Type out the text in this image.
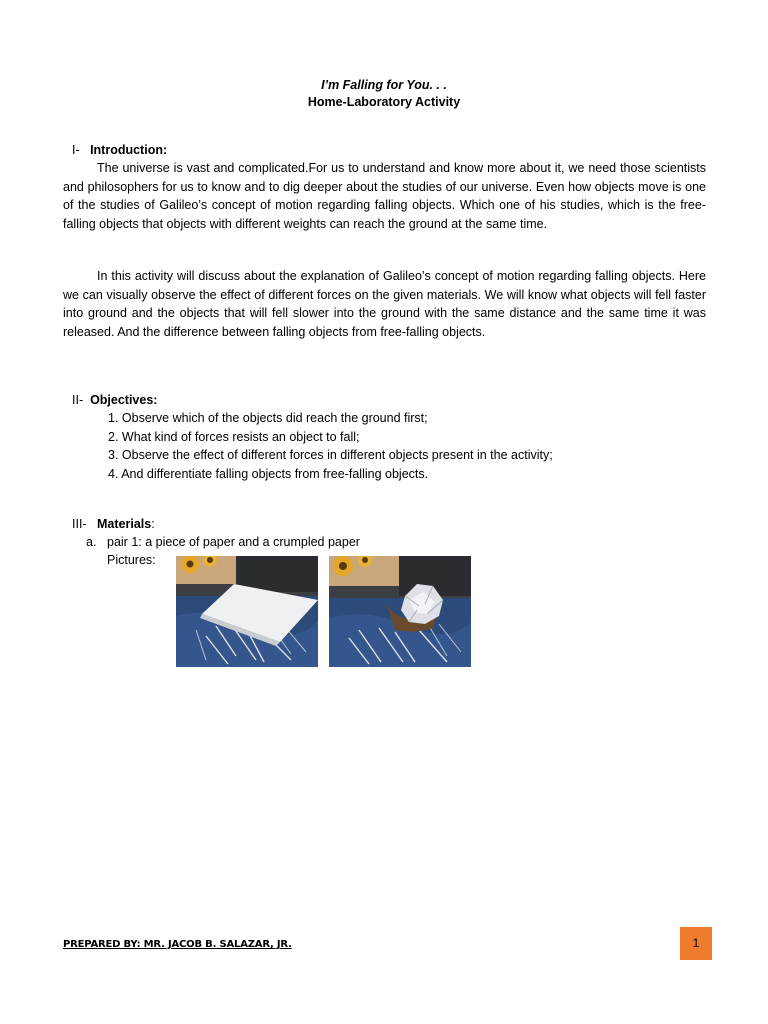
I’m Falling for You. . .
Home-Laboratory Activity
I- Introduction:

The universe is vast and complicated.For us to understand and know more about it, we need those scientists and philosophers for us to know and to dig deeper about the studies of our universe. Even how objects move is one of the studies of Galileo’s concept of motion regarding falling objects. Which one of his studies, which is the free-falling objects that objects with different weights can reach the ground at the same time.

In this activity will discuss about the explanation of Galileo’s concept of motion regarding falling objects. Here we can visually observe the effect of different forces on the given materials. We will know what objects will fell faster into ground and the objects that will fell slower into the ground with the same distance and the same time it was released. And the difference between falling objects from free-falling objects.

II- Objectives:
1. Observe which of the objects did reach the ground first;
2. What kind of forces resists an object to fall;
3. Observe the effect of different forces in different objects present in the activity;
4. And differentiate falling objects from free-falling objects.
III- Materials:
a. pair 1: a piece of paper and a crumpled paper
Pictures:
PREPARED BY: MR. JACOB B. SALAZAR, JR.	1
